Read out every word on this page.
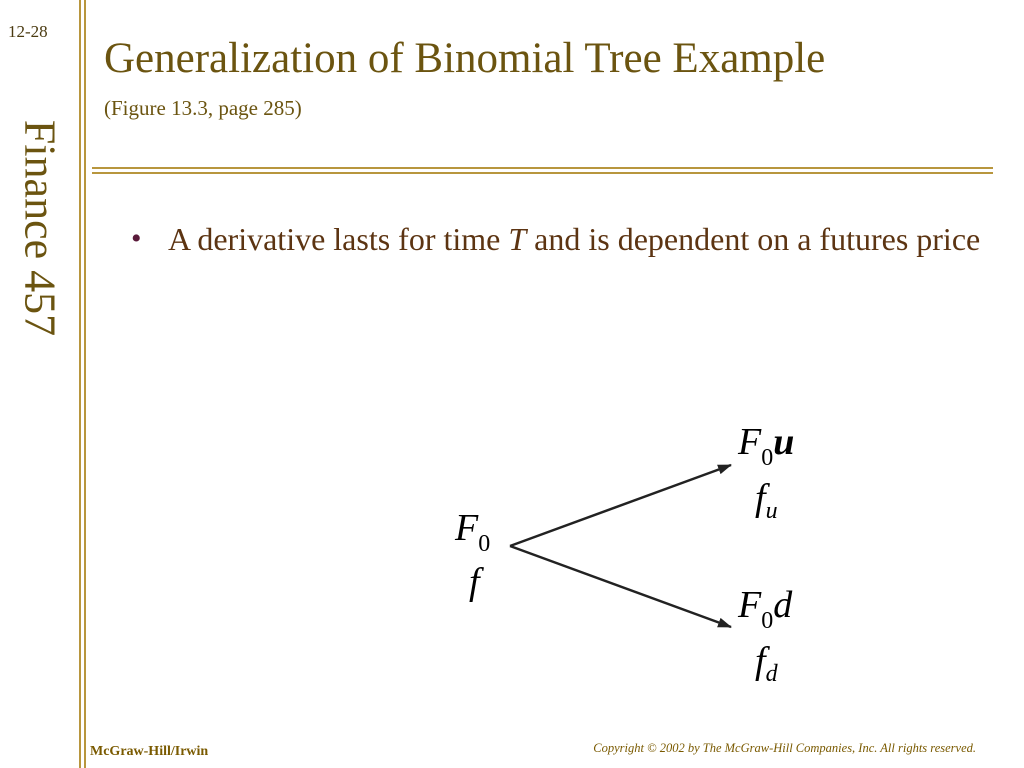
12-28
Finance 457
Generalization of Binomial Tree Example
(Figure 13.3, page 285)
• A derivative lasts for time T and is dependent on a futures price
$F_0$
f
$F_0u$
$f_u$
$F_0d$
$f_d$
McGraw-Hill/Irwin	Copyright © 2002 by The McGraw-Hill Companies, Inc. All rights reserved.
